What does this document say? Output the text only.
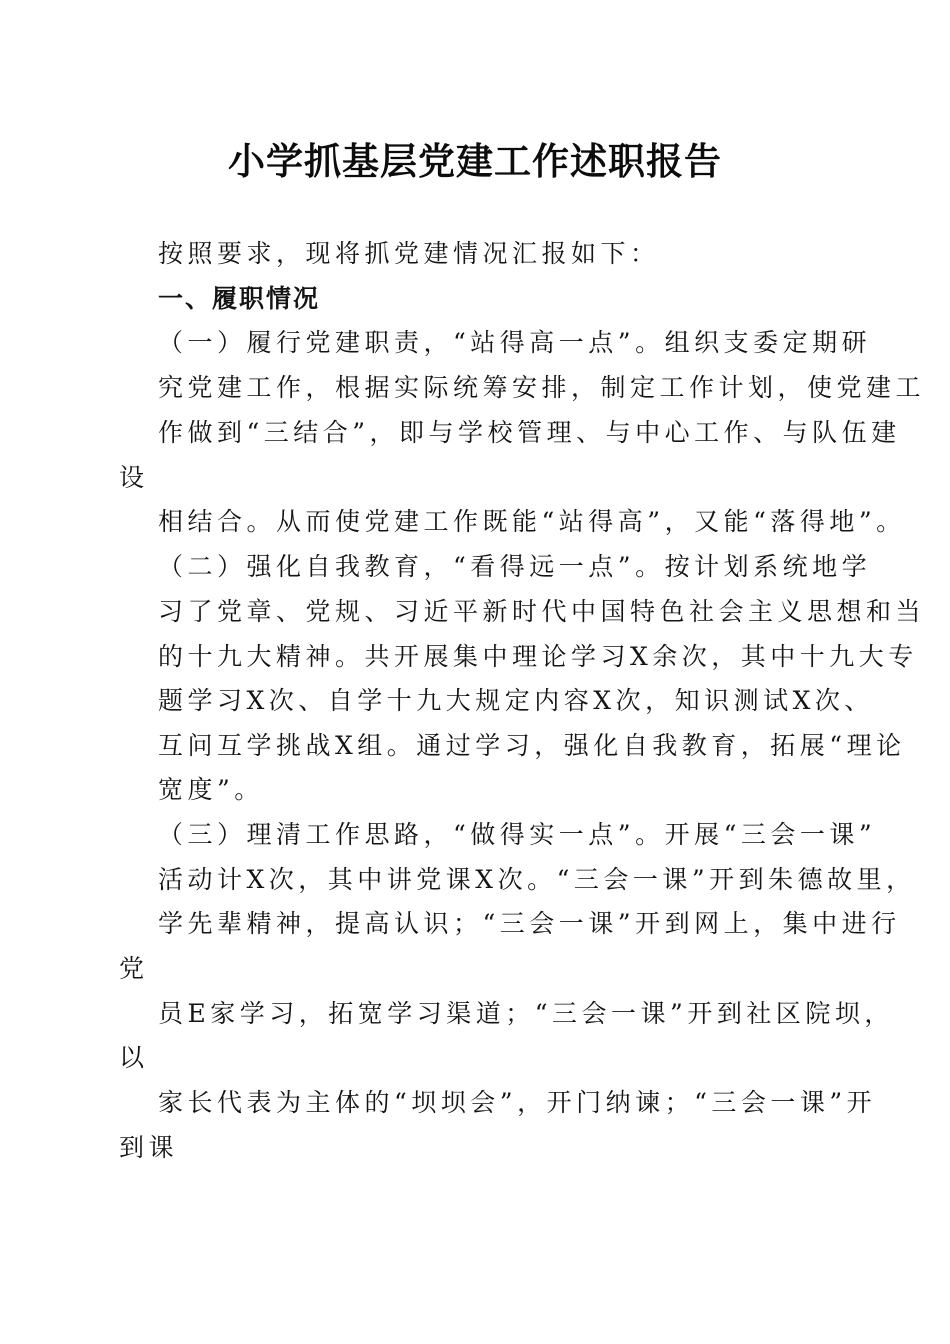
小学抓基层党建工作述职报告
按照要求，现将抓党建情况汇报如下：
一、履职情况
（一）履行党建职责，“站得高一点”。组织支委定期研
究党建工作，根据实际统筹安排，制定工作计划，使党建工
作做到“三结合”，即与学校管理、与中心工作、与队伍建
设
相结合。从而使党建工作既能“站得高”，又能“落得地”。
（二）强化自我教育，“看得远一点”。按计划系统地学
习了党章、党规、习近平新时代中国特色社会主义思想和当
的十九大精神。共开展集中理论学习X余次，其中十九大专
题学习X次、自学十九大规定内容X次，知识测试X次、
互问互学挑战X组。通过学习，强化自我教育，拓展“理论
宽度”。
（三）理清工作思路，“做得实一点”。开展“三会一课”
活动计X次，其中讲党课X次。“三会一课”开到朱德故里，
学先辈精神，提高认识；“三会一课”开到网上，集中进行
党
员E家学习，拓宽学习渠道；“三会一课”开到社区院坝，
以
家长代表为主体的“坝坝会”，开门纳谏；“三会一课”开
到课
